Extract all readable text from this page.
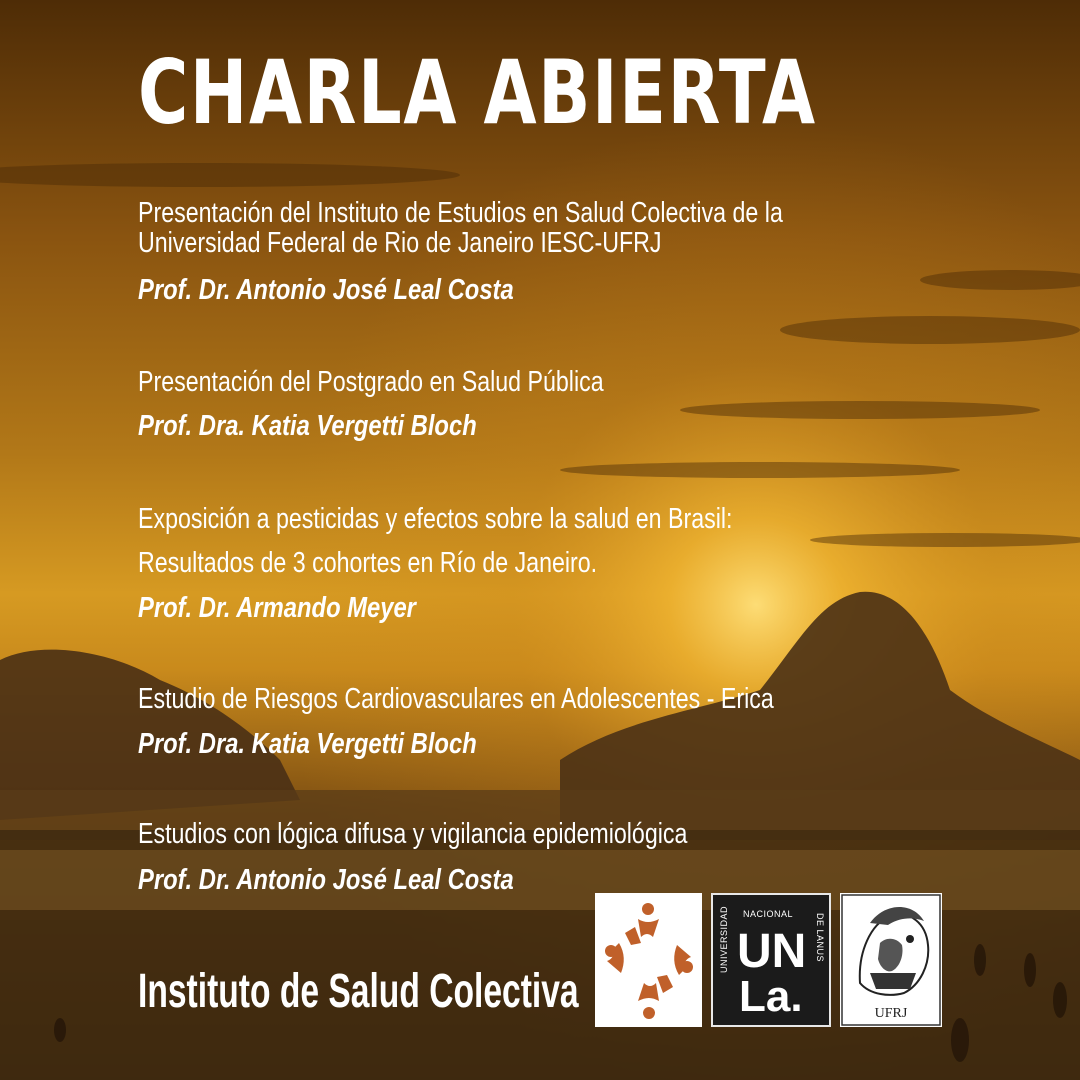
CHARLA ABIERTA
Presentación del Instituto de Estudios en Salud Colectiva de la
Universidad Federal de Rio de Janeiro IESC-UFRJ
Prof. Dr. Antonio José Leal Costa
Presentación del Postgrado en Salud Pública
Prof. Dra. Katia Vergetti Bloch
Exposición a pesticidas y efectos sobre la salud en Brasil:
Resultados de 3 cohortes en Río de Janeiro.
Prof. Dr. Armando Meyer
Estudio de Riesgos Cardiovasculares en Adolescentes - Erica
Prof. Dra. Katia Vergetti Bloch
Estudios con lógica difusa y vigilancia epidemiológica
Prof. Dr. Antonio José Leal Costa
Instituto de Salud Colectiva
UNIVERSIDAD NACIONAL DE LANUS
UN
La.	UFRJ
